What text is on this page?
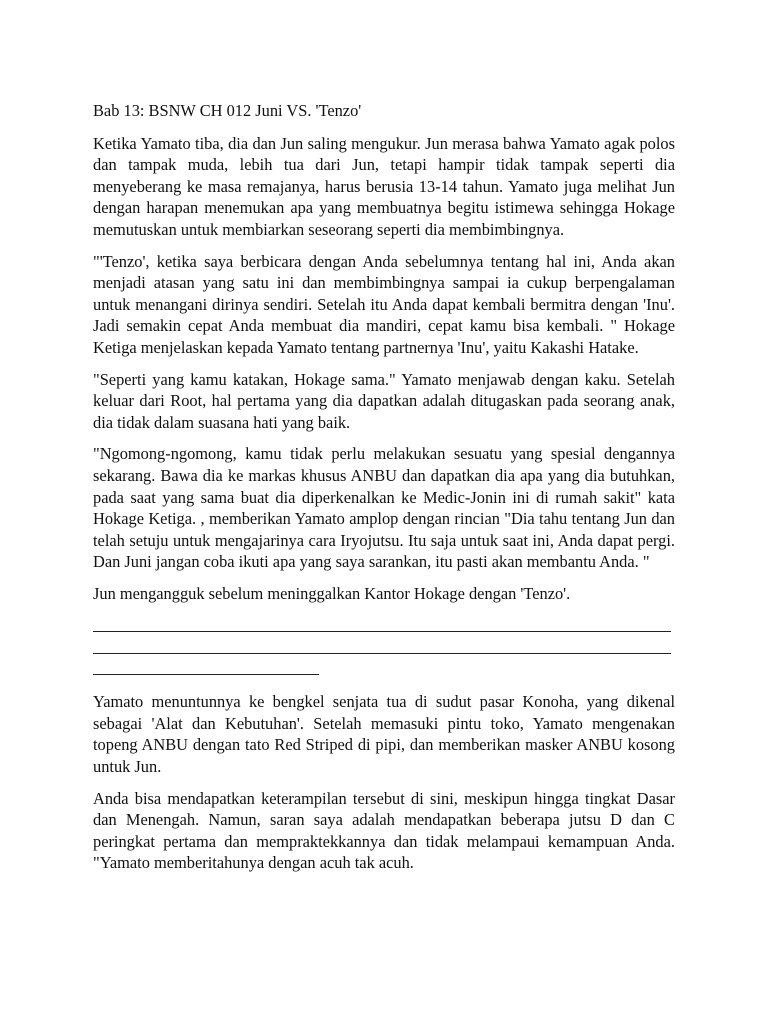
Bab 13: BSNW CH 012 Juni VS. 'Tenzo'

Ketika Yamato tiba, dia dan Jun saling mengukur. Jun merasa bahwa Yamato agak polos dan tampak muda, lebih tua dari Jun, tetapi hampir tidak tampak seperti dia menyeberang ke masa remajanya, harus berusia 13-14 tahun. Yamato juga melihat Jun dengan harapan menemukan apa yang membuatnya begitu istimewa sehingga Hokage memutuskan untuk membiarkan seseorang seperti dia membimbingnya.

"'Tenzo', ketika saya berbicara dengan Anda sebelumnya tentang hal ini, Anda akan menjadi atasan yang satu ini dan membimbingnya sampai ia cukup berpengalaman untuk menangani dirinya sendiri. Setelah itu Anda dapat kembali bermitra dengan 'Inu'. Jadi semakin cepat Anda membuat dia mandiri, cepat kamu bisa kembali. " Hokage Ketiga menjelaskan kepada Yamato tentang partnernya 'Inu', yaitu Kakashi Hatake.

"Seperti yang kamu katakan, Hokage sama." Yamato menjawab dengan kaku. Setelah keluar dari Root, hal pertama yang dia dapatkan adalah ditugaskan pada seorang anak, dia tidak dalam suasana hati yang baik.

"Ngomong-ngomong, kamu tidak perlu melakukan sesuatu yang spesial dengannya sekarang. Bawa dia ke markas khusus ANBU dan dapatkan dia apa yang dia butuhkan, pada saat yang sama buat dia diperkenalkan ke Medic-Jonin ini di rumah sakit" kata Hokage Ketiga. , memberikan Yamato amplop dengan rincian "Dia tahu tentang Jun dan telah setuju untuk mengajarinya cara Iryojutsu. Itu saja untuk saat ini, Anda dapat pergi. Dan Juni jangan coba ikuti apa yang saya sarankan, itu pasti akan membantu Anda. "

Jun mengangguk sebelum meninggalkan Kantor Hokage dengan 'Tenzo'.

Yamato menuntunnya ke bengkel senjata tua di sudut pasar Konoha, yang dikenal sebagai 'Alat dan Kebutuhan'. Setelah memasuki pintu toko, Yamato mengenakan topeng ANBU dengan tato Red Striped di pipi, dan memberikan masker ANBU kosong untuk Jun.

Anda bisa mendapatkan keterampilan tersebut di sini, meskipun hingga tingkat Dasar dan Menengah. Namun, saran saya adalah mendapatkan beberapa jutsu D dan C peringkat pertama dan mempraktekkannya dan tidak melampaui kemampuan Anda. "Yamato memberitahunya dengan acuh tak acuh.
